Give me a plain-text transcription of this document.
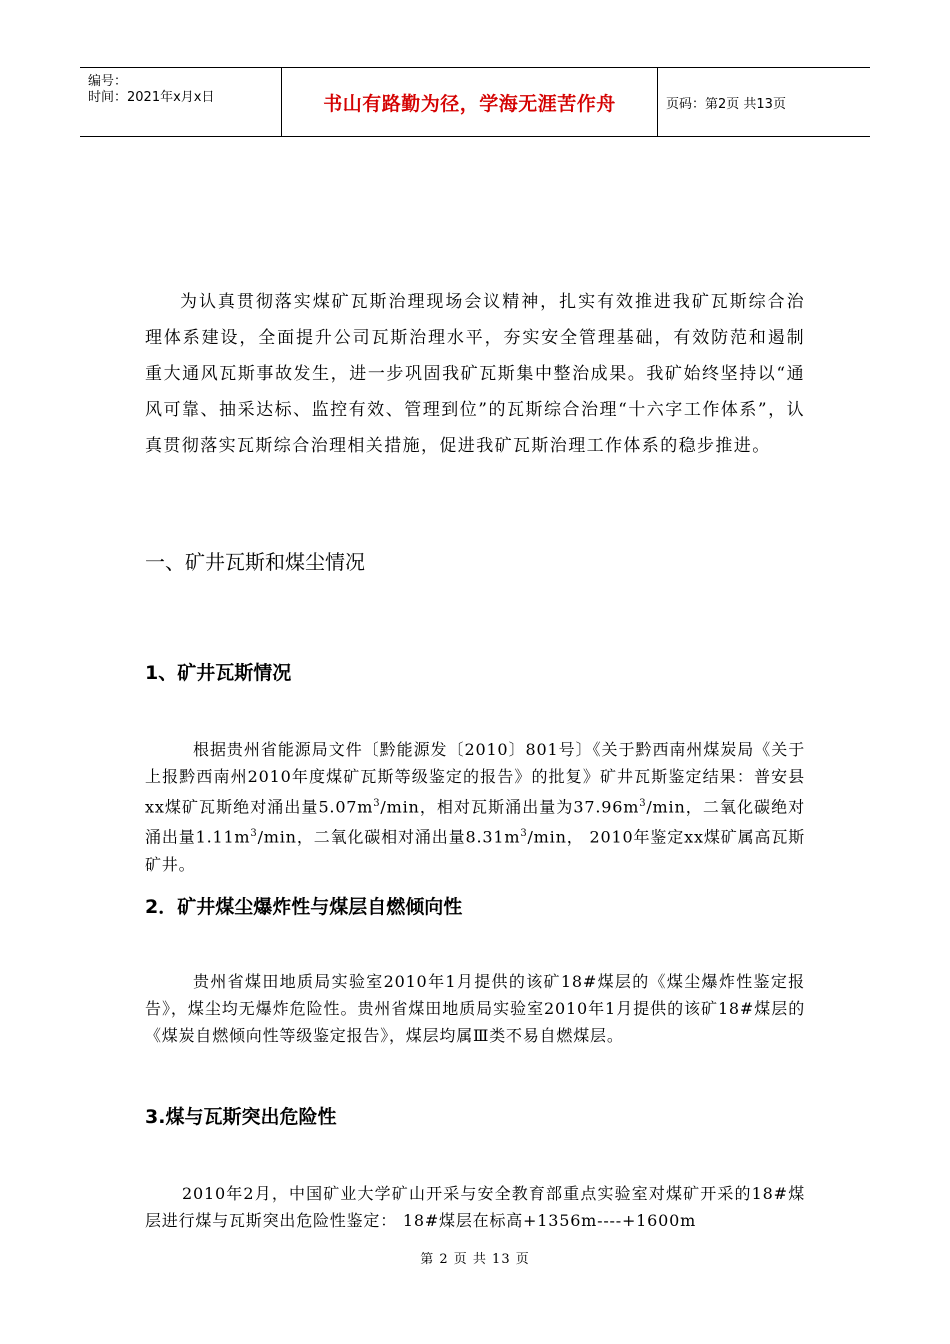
编号：
时间：2021年x月x日	书山有路勤为径，学海无涯苦作舟	页码：第2页 共13页

为认真贯彻落实煤矿瓦斯治理现场会议精神，扎实有效推进我矿瓦斯综合治理体系建设，全面提升公司瓦斯治理水平，夯实安全管理基础，有效防范和遏制重大通风瓦斯事故发生，进一步巩固我矿瓦斯集中整治成果。我矿始终坚持以“通风可靠、抽采达标、监控有效、管理到位”的瓦斯综合治理“十六字工作体系”，认真贯彻落实瓦斯综合治理相关措施，促进我矿瓦斯治理工作体系的稳步推进。

一、矿井瓦斯和煤尘情况
1、矿井瓦斯情况

根据贵州省能源局文件〔黔能源发〔2010〕801号〕《关于黔西南州煤炭局《关于上报黔西南州2010年度煤矿瓦斯等级鉴定的报告》的批复》矿井瓦斯鉴定结果：普安县xx煤矿瓦斯绝对涌出量$5.07m^3/\min$，相对瓦斯涌出量为$37.96m^3/\min$，二氧化碳绝对涌出量$1.11m^3/\min$，二氧化碳相对涌出量$8.31m^3/\min$， 2010年鉴定xx煤矿属高瓦斯矿井。

2．矿井煤尘爆炸性与煤层自燃倾向性

贵州省煤田地质局实验室2010年1月提供的该矿18#煤层的《煤尘爆炸性鉴定报告》，煤尘均无爆炸危险性。贵州省煤田地质局实验室2010年1月提供的该矿18#煤层的《煤炭自燃倾向性等级鉴定报告》，煤层均属Ⅲ类不易自燃煤层。

3.煤与瓦斯突出危险性

2010年2月，中国矿业大学矿山开采与安全教育部重点实验室对煤矿开采的18#煤层进行煤与瓦斯突出危险性鉴定： 18#煤层在标高+1356m----+1600m

第 2 页 共 13 页
